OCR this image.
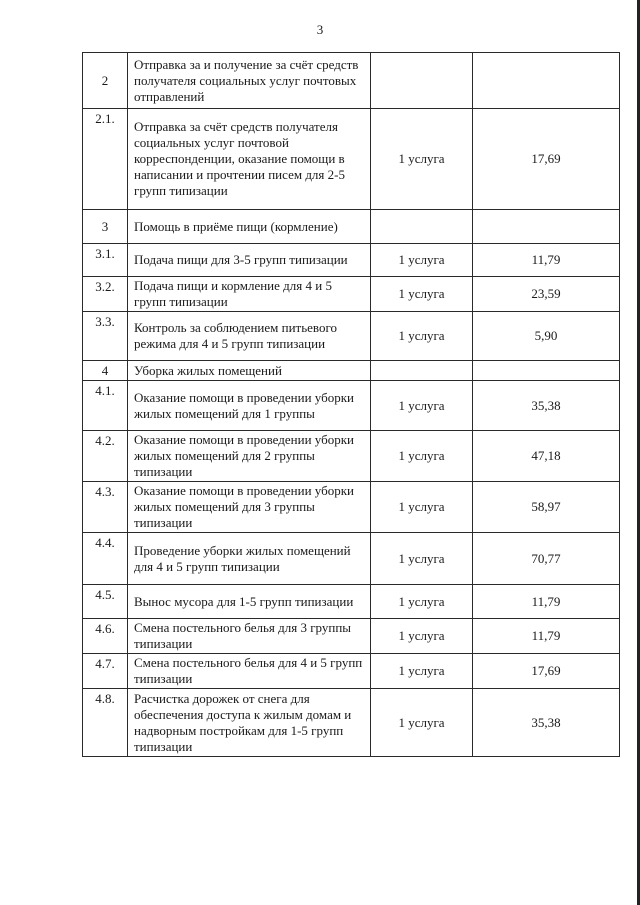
3
2	Отправка за и получение за счёт средств получателя социальных услуг почтовых отправлений		
2.1.	Отправка за счёт средств получателя социальных услуг почтовой корреспонденции, оказание помощи в написании и прочтении писем для 2-5 групп типизации	1 услуга	17,69
3	Помощь в приёме пищи (кормление)		
3.1.	Подача пищи для 3-5 групп типизации	1 услуга	11,79
3.2.	Подача пищи и кормление для 4 и 5 групп типизации	1 услуга	23,59
3.3.	Контроль за соблюдением питьевого режима для 4 и 5 групп типизации	1 услуга	5,90
4	Уборка жилых помещений		
4.1.	Оказание помощи в проведении уборки жилых помещений для 1 группы	1 услуга	35,38
4.2.	Оказание помощи в проведении уборки жилых помещений для 2 группы типизации	1 услуга	47,18
4.3.	Оказание помощи в проведении уборки жилых помещений для 3 группы типизации	1 услуга	58,97
4.4.	Проведение уборки жилых помещений для 4 и 5 групп типизации	1 услуга	70,77
4.5.	Вынос мусора для 1-5 групп типизации	1 услуга	11,79
4.6.	Смена постельного белья для 3 группы типизации	1 услуга	11,79
4.7.	Смена постельного белья для 4 и 5 групп типизации	1 услуга	17,69
4.8.	Расчистка дорожек от снега для обеспечения доступа к жилым домам и надворным постройкам для 1-5 групп типизации	1 услуга	35,38
